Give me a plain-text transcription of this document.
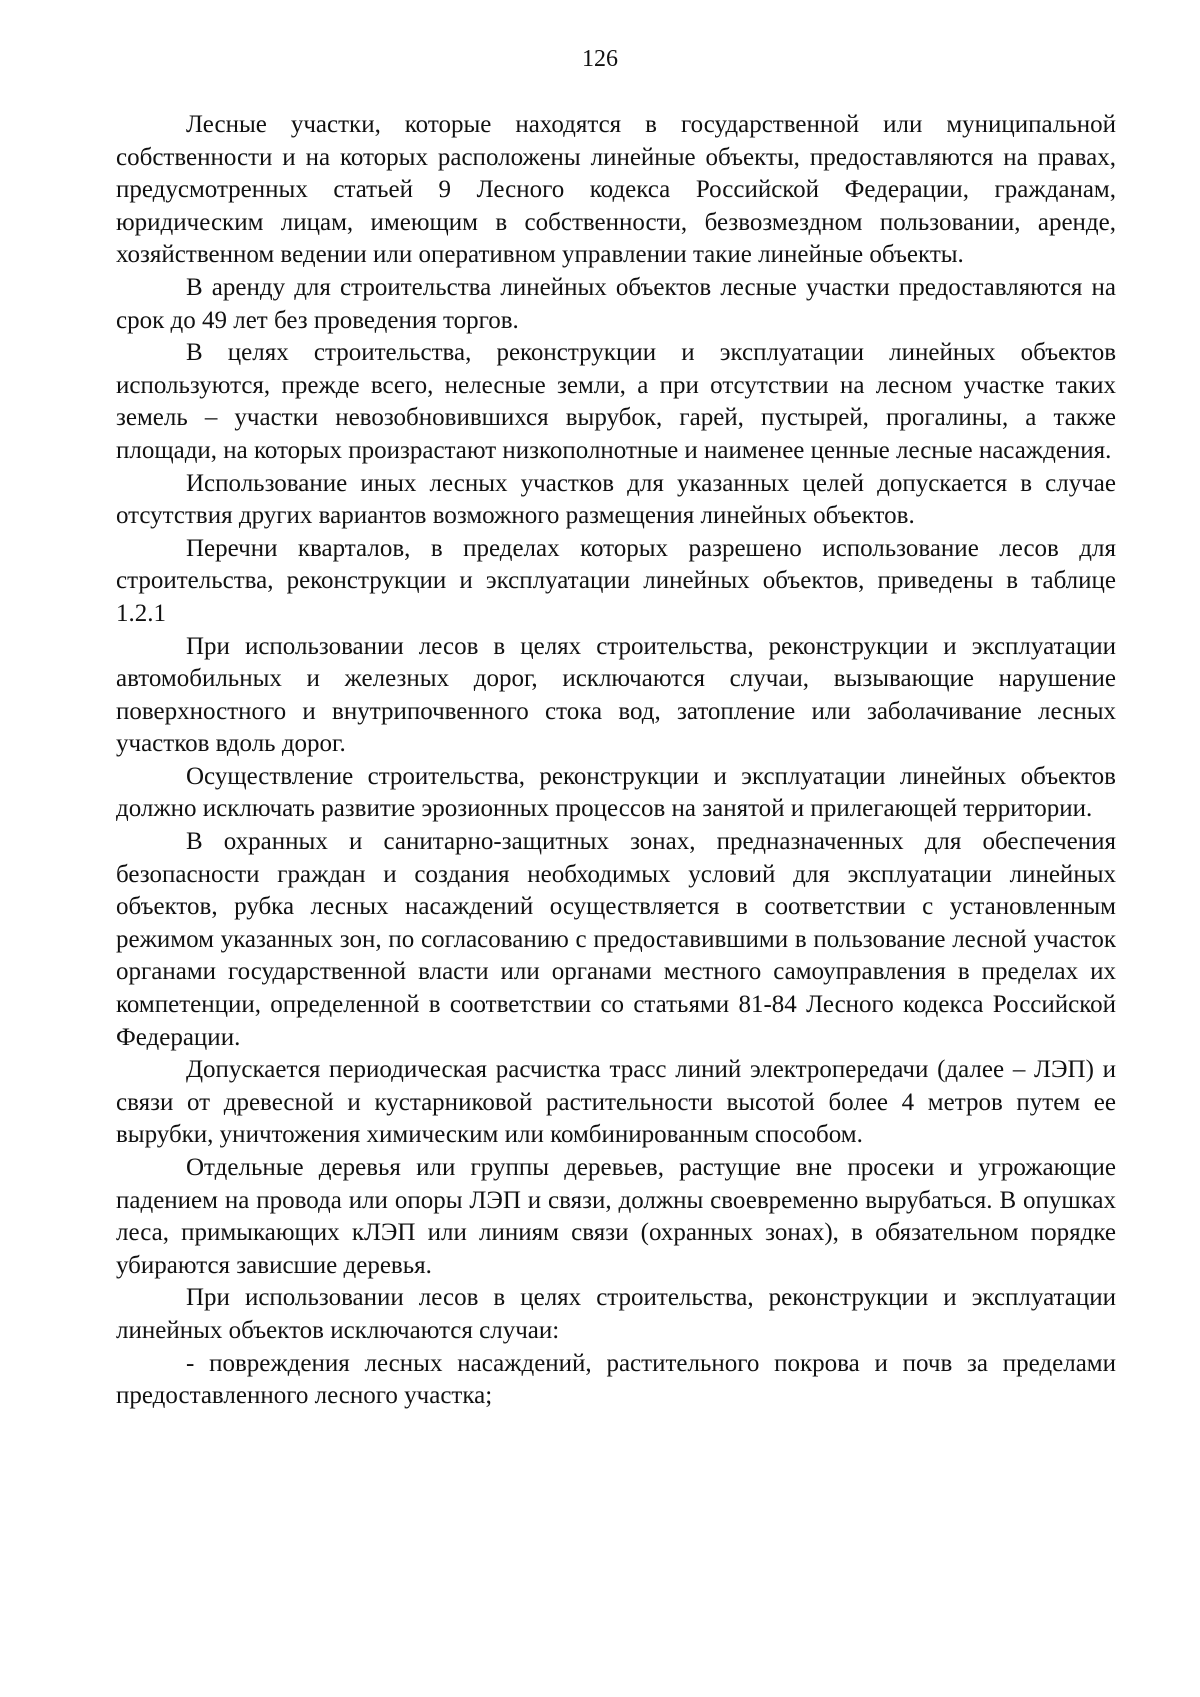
126

Лесные участки, которые находятся в государственной или муниципальной собственности и на которых расположены линейные объекты, предоставляются на правах, предусмотренных статьей 9 Лесного кодекса Российской Федерации, гражданам, юридическим лицам, имеющим в собственности, безвозмездном пользовании, аренде, хозяйственном ведении или оперативном управлении такие линейные объекты.

В аренду для строительства линейных объектов лесные участки предоставляются на срок до 49 лет без проведения торгов.

В целях строительства, реконструкции и эксплуатации линейных объектов используются, прежде всего, нелесные земли, а при отсутствии на лесном участке таких земель – участки невозобновившихся вырубок, гарей, пустырей, прогалины, а также площади, на которых произрастают низкополнотные и наименее ценные лесные насаждения.

Использование иных лесных участков для указанных целей допускается в случае отсутствия других вариантов возможного размещения линейных объектов.

Перечни кварталов, в пределах которых разрешено использование лесов для строительства, реконструкции и эксплуатации линейных объектов, приведены в таблице 1.2.1

При использовании лесов в целях строительства, реконструкции и эксплуатации автомобильных и железных дорог, исключаются случаи, вызывающие нарушение поверхностного и внутрипочвенного стока вод, затопление или заболачивание лесных участков вдоль дорог.

Осуществление строительства, реконструкции и эксплуатации линейных объектов должно исключать развитие эрозионных процессов на занятой и прилегающей территории.

В охранных и санитарно-защитных зонах, предназначенных для обеспечения безопасности граждан и создания необходимых условий для эксплуатации линейных объектов, рубка лесных насаждений осуществляется в соответствии с установленным режимом указанных зон, по согласованию с предоставившими в пользование лесной участок органами государственной власти или органами местного самоуправления в пределах их компетенции, определенной в соответствии со статьями 81-84 Лесного кодекса Российской Федерации.

Допускается периодическая расчистка трасс линий электропередачи (далее – ЛЭП) и связи от древесной и кустарниковой растительности высотой более 4 метров путем ее вырубки, уничтожения химическим или комбинированным способом.

Отдельные деревья или группы деревьев, растущие вне просеки и угрожающие падением на провода или опоры ЛЭП и связи, должны своевременно вырубаться. В опушках леса, примыкающих кЛЭП или линиям связи (охранных зонах), в обязательном порядке убираются зависшие деревья.

При использовании лесов в целях строительства, реконструкции и эксплуатации линейных объектов исключаются случаи:

- повреждения лесных насаждений, растительного покрова и почв за пределами предоставленного лесного участка;
